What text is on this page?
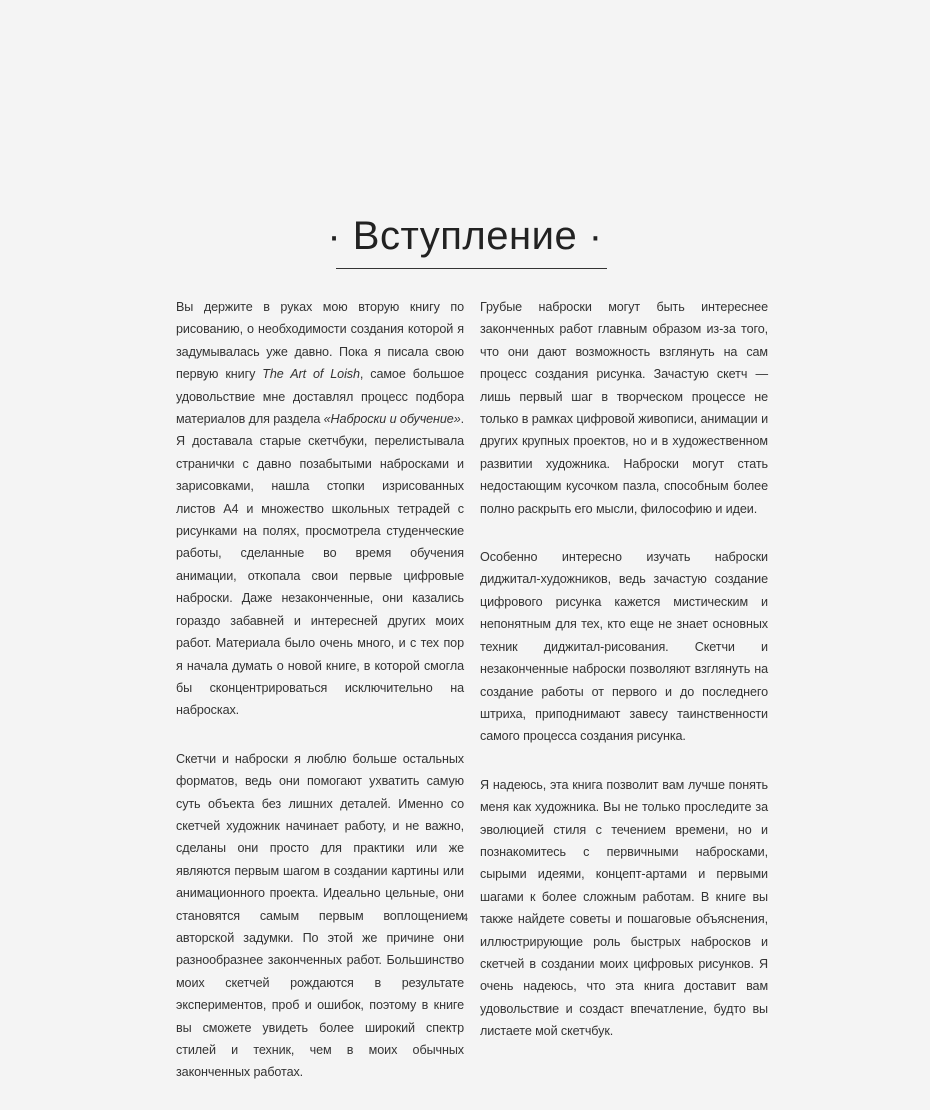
· Вступление ·

Вы держите в руках мою вторую книгу по рисованию, о необходимости создания которой я задумывалась уже давно. Пока я писала свою первую книгу The Art of Loish, самое большое удовольствие мне доставлял процесс подбора материалов для раздела «Наброски и обучение». Я доставала старые скетчбуки, перелистывала странички с давно позабытыми набросками и зарисовками, нашла стопки изрисованных листов А4 и множество школьных тетрадей с рисунками на полях, просмотрела студенческие работы, сделанные во время обучения анимации, откопала свои первые цифровые наброски. Даже незаконченные, они казались гораздо забавней и интересней других моих работ. Материала было очень много, и с тех пор я начала думать о новой книге, в которой смогла бы сконцентрироваться исключительно на набросках.

Скетчи и наброски я люблю больше остальных форматов, ведь они помогают ухватить самую суть объекта без лишних деталей. Именно со скетчей художник начинает работу, и не важно, сделаны они просто для практики или же являются первым шагом в создании картины или анимационного проекта. Идеально цельные, они становятся самым первым воплощением авторской задумки. По этой же причине они разнообразнее законченных работ. Большинство моих скетчей рождаются в результате экспериментов, проб и ошибок, поэтому в книге вы сможете увидеть более широкий спектр стилей и техник, чем в моих обычных законченных работах.

Грубые наброски могут быть интереснее законченных работ главным образом из-за того, что они дают возможность взглянуть на сам процесс создания рисунка. Зачастую скетч — лишь первый шаг в творческом процессе не только в рамках цифровой живописи, анимации и других крупных проектов, но и в художественном развитии художника. Наброски могут стать недостающим кусочком пазла, способным более полно раскрыть его мысли, философию и идеи.

Особенно интересно изучать наброски диджитал-художников, ведь зачастую создание цифрового рисунка кажется мистическим и непонятным для тех, кто еще не знает основных техник диджитал-рисования. Скетчи и незаконченные наброски позволяют взглянуть на создание работы от первого и до последнего штриха, приподнимают завесу таинственности самого процесса создания рисунка.

Я надеюсь, эта книга позволит вам лучше понять меня как художника. Вы не только проследите за эволюцией стиля с течением времени, но и познакомитесь с первичными набросками, сырыми идеями, концепт-артами и первыми шагами к более сложным работам. В книге вы также найдете советы и пошаговые объяснения, иллюстрирующие роль быстрых набросков и скетчей в создании моих цифровых рисунков. Я очень надеюсь, что эта книга доставит вам удовольствие и создаст впечатление, будто вы листаете мой скетчбук.

4
